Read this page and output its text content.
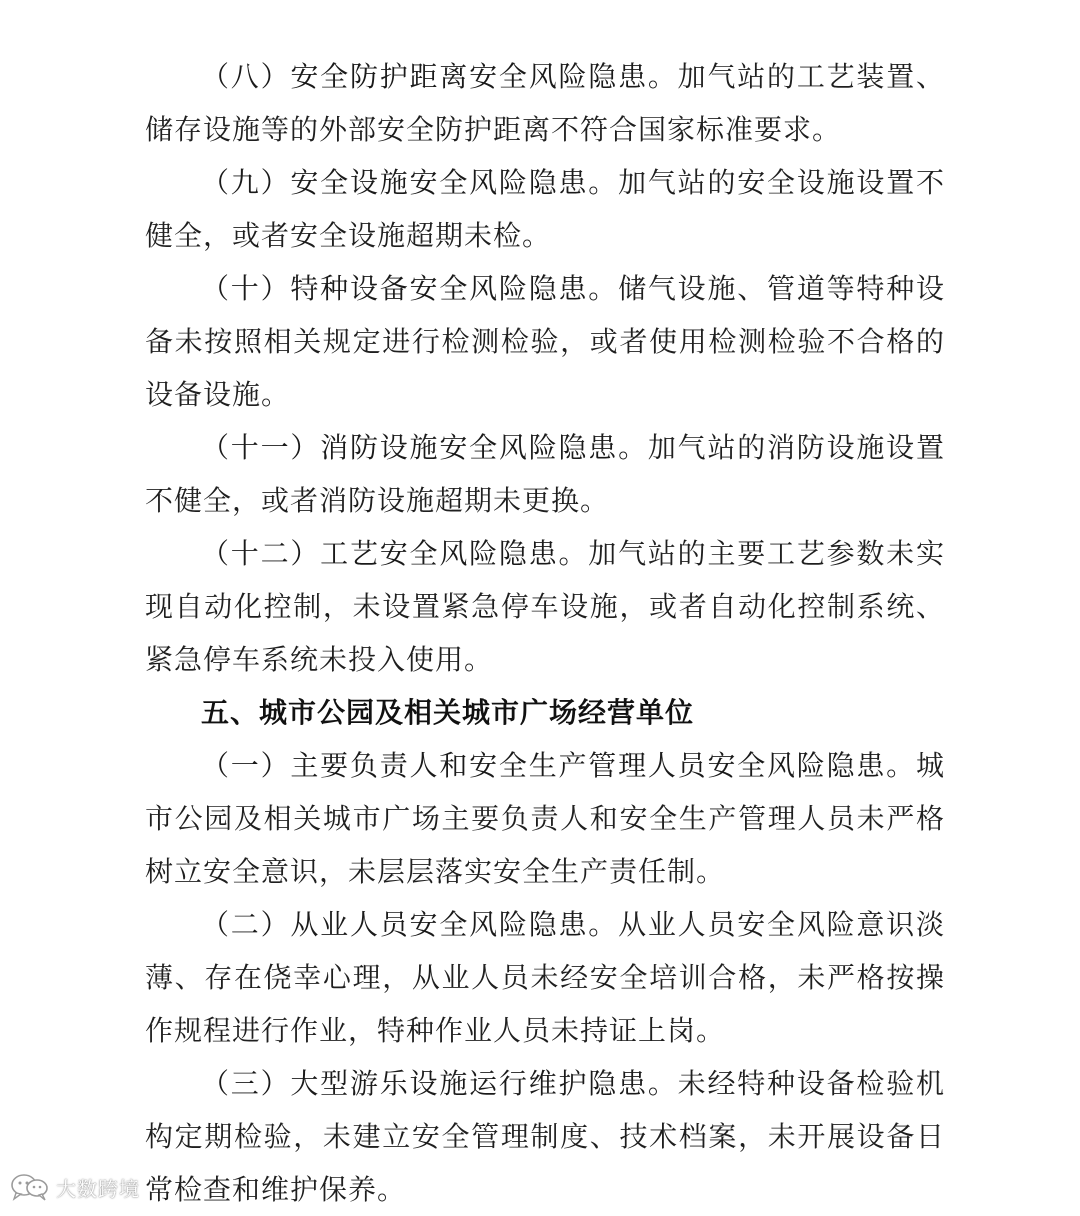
（八）安全防护距离安全风险隐患。加气站的工艺装置、储存设施等的外部安全防护距离不符合国家标准要求。

（九）安全设施安全风险隐患。加气站的安全设施设置不健全，或者安全设施超期未检。

（十）特种设备安全风险隐患。储气设施、管道等特种设备未按照相关规定进行检测检验，或者使用检测检验不合格的设备设施。

（十一）消防设施安全风险隐患。加气站的消防设施设置不健全，或者消防设施超期未更换。

（十二）工艺安全风险隐患。加气站的主要工艺参数未实现自动化控制，未设置紧急停车设施，或者自动化控制系统、紧急停车系统未投入使用。

五、城市公园及相关城市广场经营单位

（一）主要负责人和安全生产管理人员安全风险隐患。城市公园及相关城市广场主要负责人和安全生产管理人员未严格树立安全意识，未层层落实安全生产责任制。

（二）从业人员安全风险隐患。从业人员安全风险意识淡薄、存在侥幸心理，从业人员未经安全培训合格，未严格按操作规程进行作业，特种作业人员未持证上岗。

（三）大型游乐设施运行维护隐患。未经特种设备检验机构定期检验，未建立安全管理制度、技术档案，未开展设备日常检查和维护保养。

大数跨境
